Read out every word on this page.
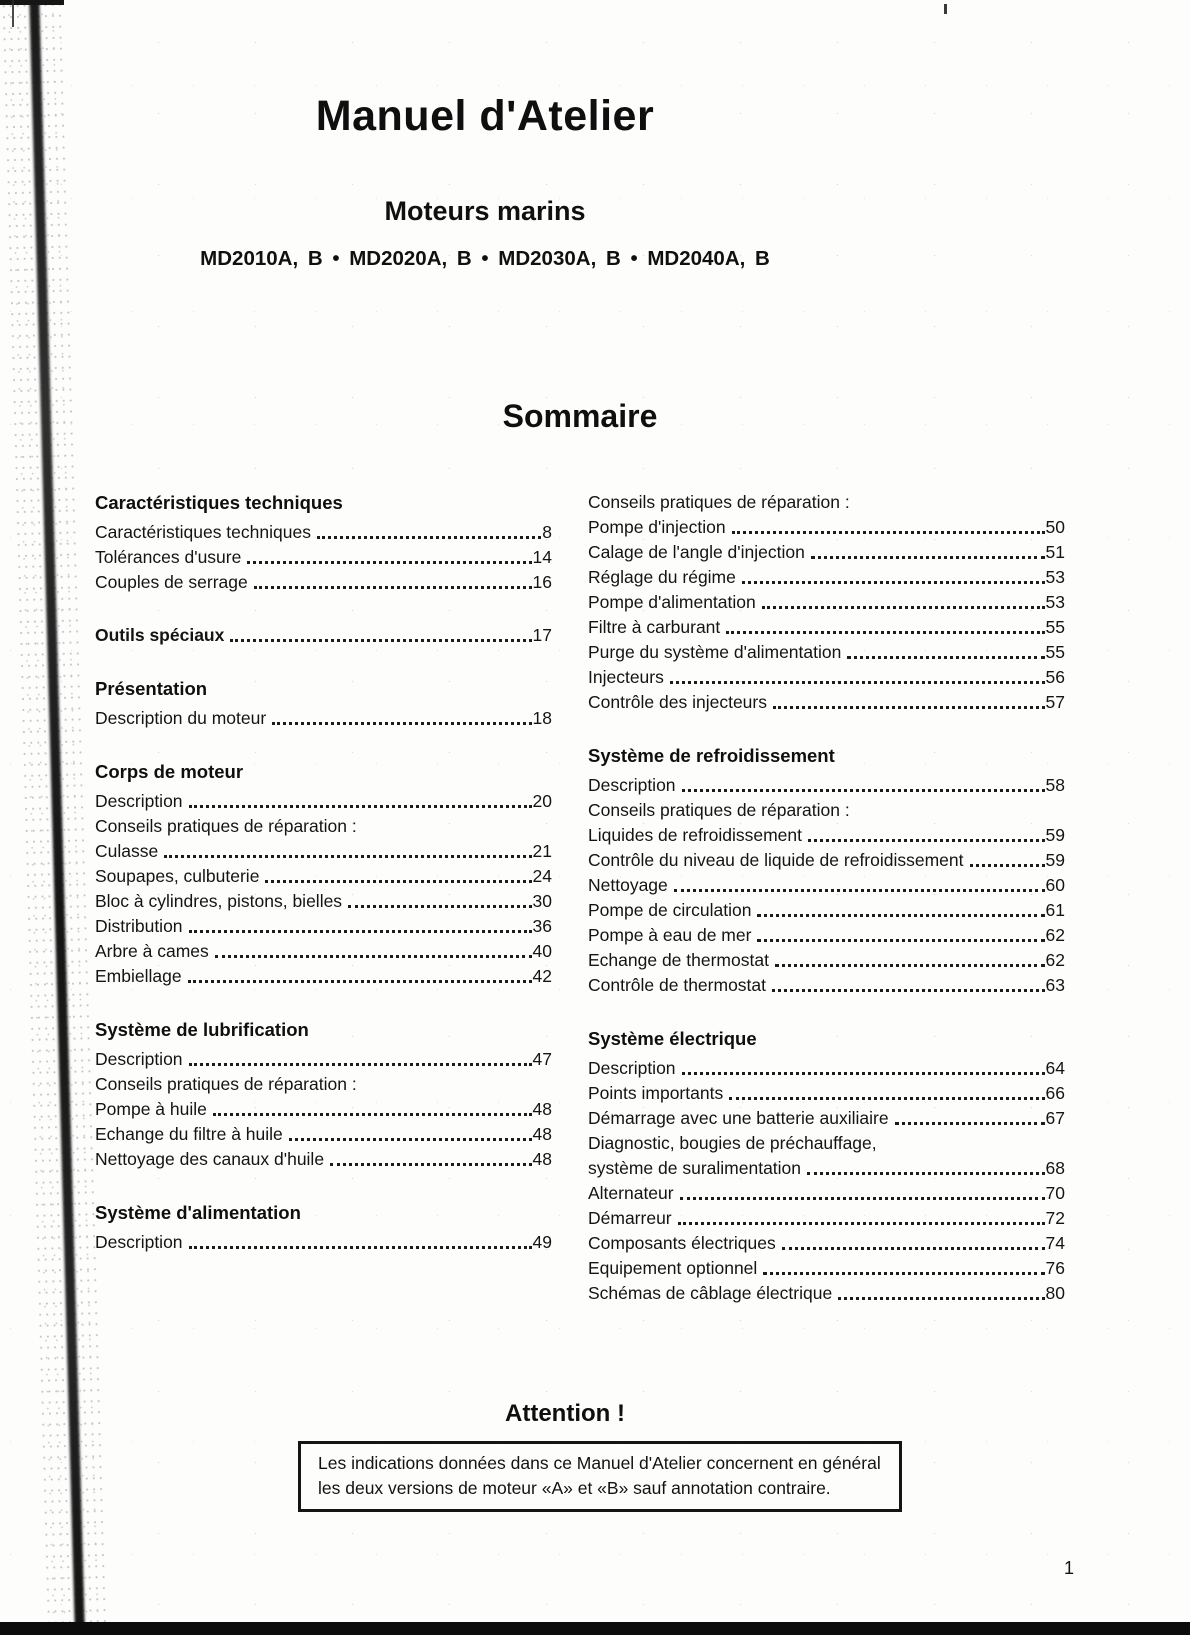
Manuel d'Atelier
Moteurs marins
MD2010A, B • MD2020A, B • MD2030A, B • MD2040A, B
Sommaire
Caractéristiques techniques
Caractéristiques techniques	8
Tolérances d'usure	14
Couples de serrage	16
Outils spéciaux	17
Présentation
Description du moteur	18
Corps de moteur
Description	20
Conseils pratiques de réparation :
Culasse	21
Soupapes, culbuterie	24
Bloc à cylindres, pistons, bielles	30
Distribution	36
Arbre à cames	40
Embiellage	42
Système de lubrification
Description	47
Conseils pratiques de réparation :
Pompe à huile	48
Echange du filtre à huile	48
Nettoyage des canaux d'huile	48
Système d'alimentation
Description	49
Conseils pratiques de réparation :
Pompe d'injection	50
Calage de l'angle d'injection	51
Réglage du régime	53
Pompe d'alimentation	53
Filtre à carburant	55
Purge du système d'alimentation	55
Injecteurs	56
Contrôle des injecteurs	57
Système de refroidissement
Description	58
Conseils pratiques de réparation :
Liquides de refroidissement	59
Contrôle du niveau de liquide de refroidissement	59
Nettoyage	60
Pompe de circulation	61
Pompe à eau de mer	62
Echange de thermostat	62
Contrôle de thermostat	63
Système électrique
Description	64
Points importants	66
Démarrage avec une batterie auxiliaire	67
Diagnostic, bougies de préchauffage,
système de suralimentation	68
Alternateur	70
Démarreur	72
Composants électriques	74
Equipement optionnel	76
Schémas de câblage électrique	80
Attention !
Les indications données dans ce Manuel d'Atelier concernent en général les deux versions de moteur «A» et «B» sauf annotation contraire.
1
